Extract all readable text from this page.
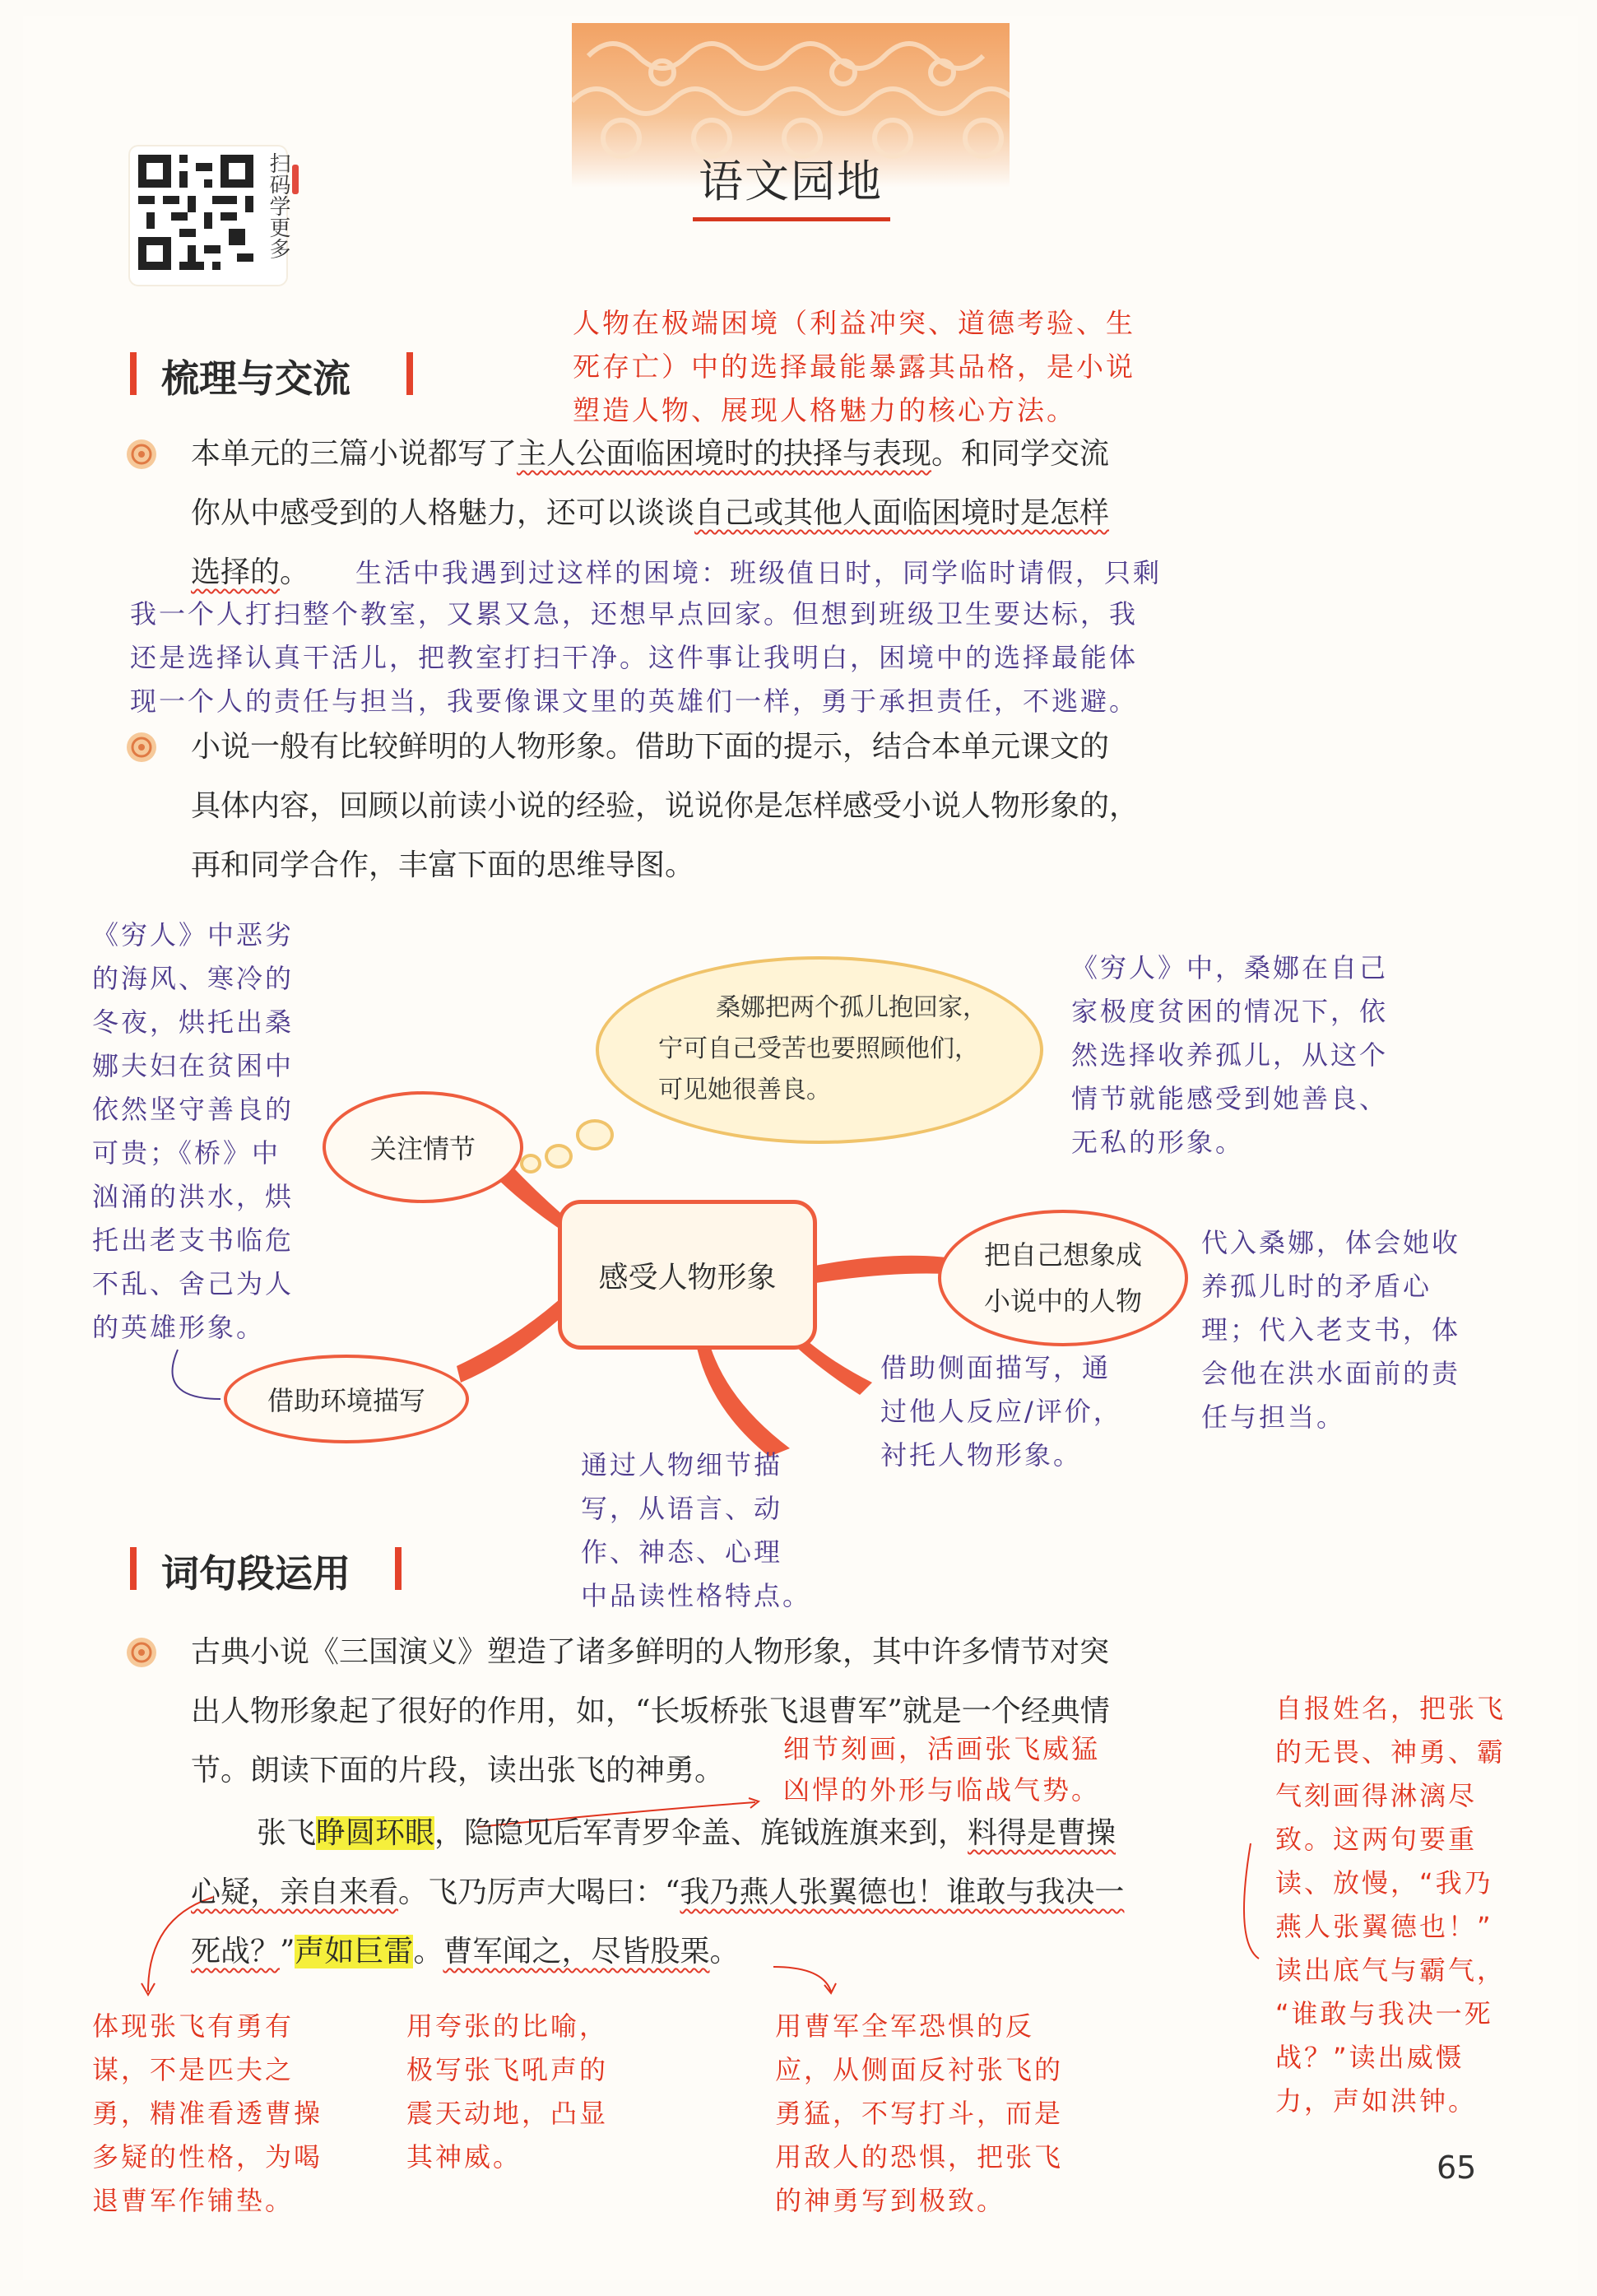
语文园地
扫码学更多
梳理与交流
人物在极端困境（利益冲突、道德考验、生
死存亡）中的选择最能暴露其品格，是小说
塑造人物、展现人格魅力的核心方法。
本单元的三篇小说都写了主人公面临困境时的抉择与表现。和同学交流
你从中感受到的人格魅力，还可以谈谈自己或其他人面临困境时是怎样
选择的。	生活中我遇到过这样的困境：班级值日时，同学临时请假，只剩
我一个人打扫整个教室，又累又急，还想早点回家。但想到班级卫生要达标，我
还是选择认真干活儿，把教室打扫干净。这件事让我明白，困境中的选择最能体
现一个人的责任与担当，我要像课文里的英雄们一样，勇于承担责任，不逃避。
小说一般有比较鲜明的人物形象。借助下面的提示，结合本单元课文的
具体内容，回顾以前读小说的经验，说说你是怎样感受小说人物形象的，
再和同学合作，丰富下面的思维导图。
桑娜把两个孤儿抱回家，
宁可自己受苦也要照顾他们，
可见她很善良。
关注情节
借助环境描写
把自己想象成
小说中的人物
感受人物形象
《穷人》中恶劣
的海风、寒冷的
冬夜，烘托出桑
娜夫妇在贫困中
依然坚守善良的
可贵；《桥》中
汹涌的洪水，烘
托出老支书临危
不乱、舍己为人
的英雄形象。
《穷人》中，桑娜在自己
家极度贫困的情况下，依
然选择收养孤儿，从这个
情节就能感受到她善良、
无私的形象。
代入桑娜，体会她收
养孤儿时的矛盾心
理；代入老支书，体
会他在洪水面前的责
任与担当。
借助侧面描写，通
过他人反应/评价，
衬托人物形象。
通过人物细节描
写，从语言、动
作、神态、心理
中品读性格特点。
词句段运用
古典小说《三国演义》塑造了诸多鲜明的人物形象，其中许多情节对突
出人物形象起了很好的作用，如，“长坂桥张飞退曹军”就是一个经典情
节。朗读下面的片段，读出张飞的神勇。
细节刻画，活画张飞威猛
凶悍的外形与临战气势。
张飞睁圆环眼，隐隐见后军青罗伞盖、旄钺旌旗来到，料得是曹操
心疑，亲自来看。飞乃厉声大喝曰：“我乃燕人张翼德也！谁敢与我决一
死战？”声如巨雷。曹军闻之，尽皆股栗。
自报姓名，把张飞
的无畏、神勇、霸
气刻画得淋漓尽
致。这两句要重
读、放慢，“我乃
燕人张翼德也！”
读出底气与霸气，
“谁敢与我决一死
战？”读出威慑
力，声如洪钟。
体现张飞有勇有
谋，不是匹夫之
勇，精准看透曹操
多疑的性格，为喝
退曹军作铺垫。
用夸张的比喻，
极写张飞吼声的
震天动地，凸显
其神威。
用曹军全军恐惧的反
应，从侧面反衬张飞的
勇猛，不写打斗，而是
用敌人的恐惧，把张飞
的神勇写到极致。
65
